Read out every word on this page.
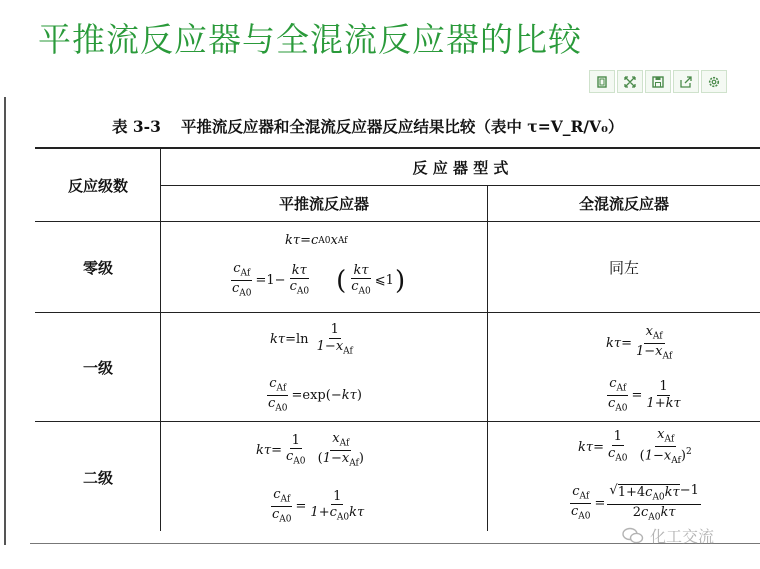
平推流反应器与全混流反应器的比较
表 3-3 平推流反应器和全混流反应器反应结果比较（表中 τ=V_R/V₀）
反应级数
反 应 器 型 式
平推流反应器	全混流反应器
零级
一级
二级
kτ = c A0 x Af
$\frac{c_{Af}}{c_{A0}} =1- \frac{k\tau}{c_{A0}}$ ( $\frac{k\tau}{c_{A0}}$ ⩽1 )	同左
kτ =ln
$\frac{1}{1-x_{Af}}$
$\frac{c_{Af}}{c_{A0}} =\exp(- k\tau$ )
$k\tau = \frac{x_{Af}}{1-x_{Af}}$
$\frac{c_{Af}}{c_{A0}} = \frac{1}{1+k\tau}$
$k\tau = \frac{1}{c_{A0}}$
$\frac{x_{Af}}{(1-x_{Af})}$
$\frac{c_{Af}}{c_{A0}} = \frac{1}{1+c_{A0}k\tau}$
$k\tau = \frac{1}{c_{A0}}$
$\frac{x_{Af}}{(1-x_{Af})^2}$
$\frac{c_{Af}}{c_{A0}} = \frac{√ 1+4c_{A0}k\tau -1}{2c_{A0}k\tau}$
化工交流
